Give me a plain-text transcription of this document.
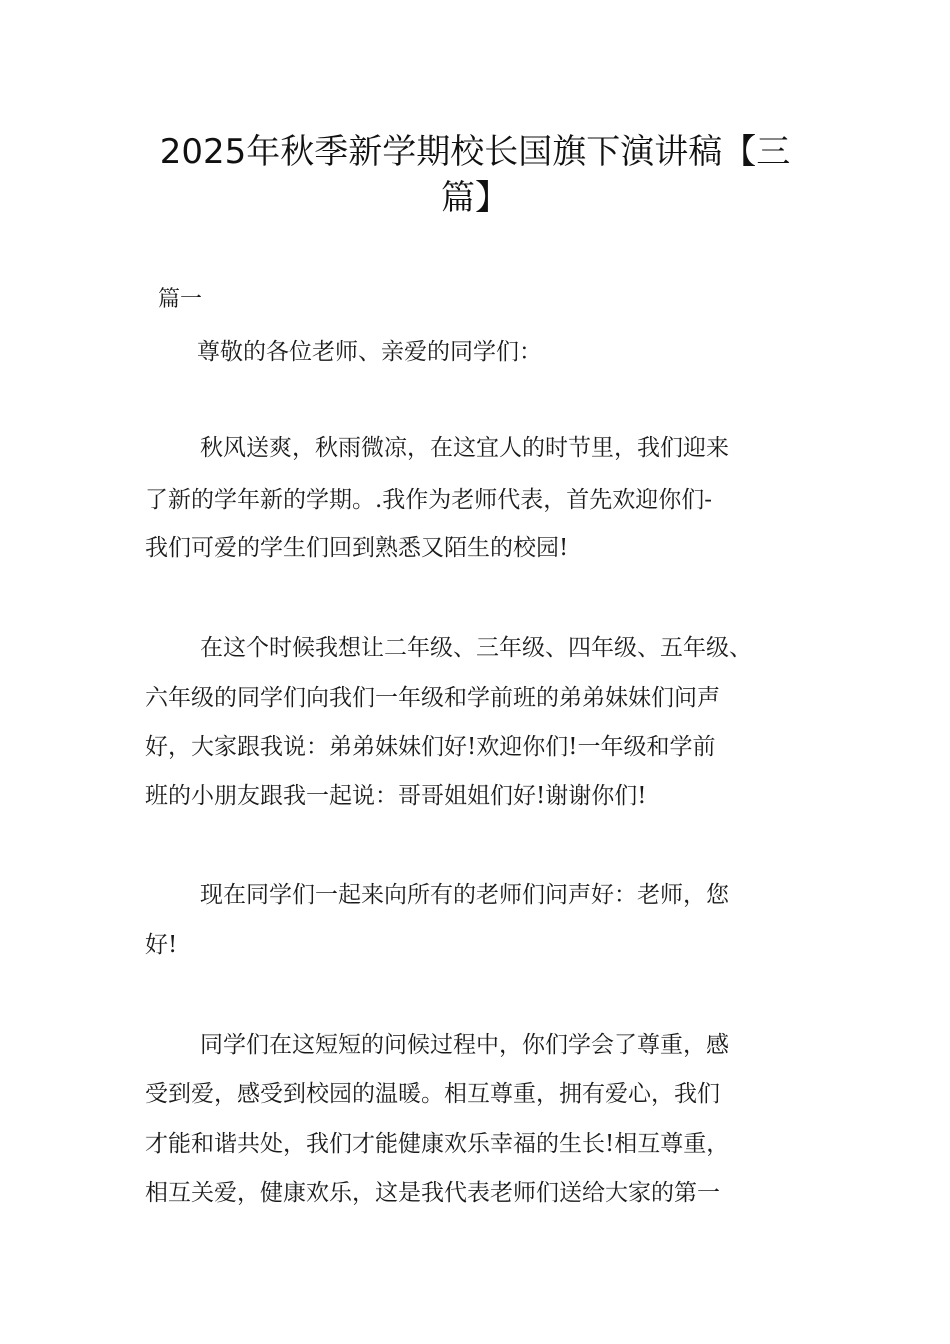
2025年秋季新学期校长国旗下演讲稿【三
篇】

篇一

尊敬的各位老师、亲爱的同学们：

秋风送爽，秋雨微凉，在这宜人的时节里，我们迎来

了新的学年新的学期。.我作为老师代表，首先欢迎你们-

我们可爱的学生们回到熟悉又陌生的校园!

在这个时候我想让二年级、三年级、四年级、五年级、

六年级的同学们向我们一年级和学前班的弟弟妹妹们问声

好，大家跟我说：弟弟妹妹们好!欢迎你们!一年级和学前

班的小朋友跟我一起说：哥哥姐姐们好!谢谢你们!

现在同学们一起来向所有的老师们问声好：老师，您

好!

同学们在这短短的问候过程中，你们学会了尊重，感

受到爱，感受到校园的温暖。相互尊重，拥有爱心，我们

才能和谐共处，我们才能健康欢乐幸福的生长!相互尊重，

相互关爱，健康欢乐，这是我代表老师们送给大家的第一
